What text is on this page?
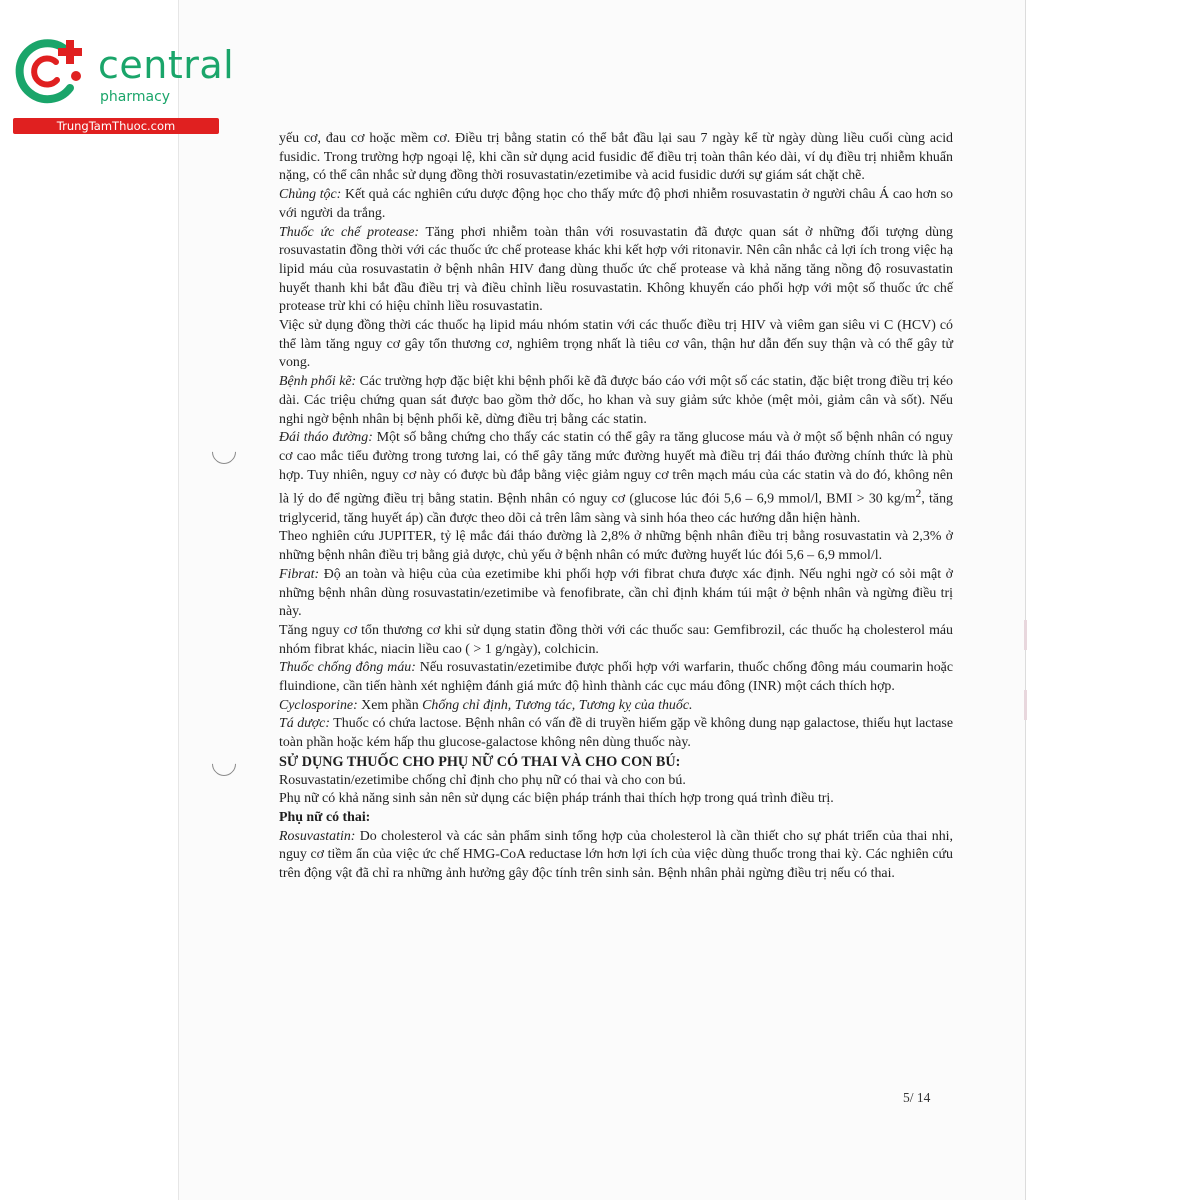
central
pharmacy
TrungTamThuoc.com

yếu cơ, đau cơ hoặc mềm cơ. Điều trị bằng statin có thể bắt đầu lại sau 7 ngày kể từ ngày dùng liều cuối cùng acid fusidic. Trong trường hợp ngoại lệ, khi cần sử dụng acid fusidic để điều trị toàn thân kéo dài, ví dụ điều trị nhiễm khuẩn nặng, có thể cân nhắc sử dụng đồng thời rosuvastatin/ezetimibe và acid fusidic dưới sự giám sát chặt chẽ.

Chủng tộc: Kết quả các nghiên cứu dược động học cho thấy mức độ phơi nhiễm rosuvastatin ở người châu Á cao hơn so với người da trắng.

Thuốc ức chế protease: Tăng phơi nhiễm toàn thân với rosuvastatin đã được quan sát ở những đối tượng dùng rosuvastatin đồng thời với các thuốc ức chế protease khác khi kết hợp với ritonavir. Nên cân nhắc cả lợi ích trong việc hạ lipid máu của rosuvastatin ở bệnh nhân HIV đang dùng thuốc ức chế protease và khả năng tăng nồng độ rosuvastatin huyết thanh khi bắt đầu điều trị và điều chỉnh liều rosuvastatin. Không khuyến cáo phối hợp với một số thuốc ức chế protease trừ khi có hiệu chỉnh liều rosuvastatin.

Việc sử dụng đồng thời các thuốc hạ lipid máu nhóm statin với các thuốc điều trị HIV và viêm gan siêu vi C (HCV) có thể làm tăng nguy cơ gây tổn thương cơ, nghiêm trọng nhất là tiêu cơ vân, thận hư dẫn đến suy thận và có thể gây tử vong.

Bệnh phổi kẽ: Các trường hợp đặc biệt khi bệnh phổi kẽ đã được báo cáo với một số các statin, đặc biệt trong điều trị kéo dài. Các triệu chứng quan sát được bao gồm thở dốc, ho khan và suy giảm sức khỏe (mệt mỏi, giảm cân và sốt). Nếu nghi ngờ bệnh nhân bị bệnh phổi kẽ, dừng điều trị bằng các statin.

Đái tháo đường: Một số bằng chứng cho thấy các statin có thể gây ra tăng glucose máu và ở một số bệnh nhân có nguy cơ cao mắc tiểu đường trong tương lai, có thể gây tăng mức đường huyết mà điều trị đái tháo đường chính thức là phù hợp. Tuy nhiên, nguy cơ này có được bù đắp bằng việc giảm nguy cơ trên mạch máu của các statin và do đó, không nên là lý do để ngừng điều trị bằng statin. Bệnh nhân có nguy cơ (glucose lúc đói 5,6 – 6,9 mmol/l, BMI > 30 $kg/m^2$, tăng triglycerid, tăng huyết áp) cần được theo dõi cả trên lâm sàng và sinh hóa theo các hướng dẫn hiện hành.

Theo nghiên cứu JUPITER, tỷ lệ mắc đái tháo đường là 2,8% ở những bệnh nhân điều trị bằng rosuvastatin và 2,3% ở những bệnh nhân điều trị bằng giả dược, chủ yếu ở bệnh nhân có mức đường huyết lúc đói 5,6 – 6,9 mmol/l.

Fibrat: Độ an toàn và hiệu của của ezetimibe khi phối hợp với fibrat chưa được xác định. Nếu nghi ngờ có sỏi mật ở những bệnh nhân dùng rosuvastatin/ezetimibe và fenofibrate, cần chỉ định khám túi mật ở bệnh nhân và ngừng điều trị này.

Tăng nguy cơ tổn thương cơ khi sử dụng statin đồng thời với các thuốc sau: Gemfibrozil, các thuốc hạ cholesterol máu nhóm fibrat khác, niacin liều cao ( > 1 g/ngày), colchicin.

Thuốc chống đông máu: Nếu rosuvastatin/ezetimibe được phối hợp với warfarin, thuốc chống đông máu coumarin hoặc fluindione, cần tiến hành xét nghiệm đánh giá mức độ hình thành các cục máu đông (INR) một cách thích hợp.

Cyclosporine: Xem phần Chống chỉ định, Tương tác, Tương kỵ của thuốc.

Tá dược: Thuốc có chứa lactose. Bệnh nhân có vấn đề di truyền hiếm gặp về không dung nạp galactose, thiếu hụt lactase toàn phần hoặc kém hấp thu glucose-galactose không nên dùng thuốc này.

SỬ DỤNG THUỐC CHO PHỤ NỮ CÓ THAI VÀ CHO CON BÚ:

Rosuvastatin/ezetimibe chống chỉ định cho phụ nữ có thai và cho con bú.

Phụ nữ có khả năng sinh sản nên sử dụng các biện pháp tránh thai thích hợp trong quá trình điều trị.

Phụ nữ có thai:

Rosuvastatin: Do cholesterol và các sản phẩm sinh tổng hợp của cholesterol là cần thiết cho sự phát triển của thai nhi, nguy cơ tiềm ẩn của việc ức chế HMG-CoA reductase lớn hơn lợi ích của việc dùng thuốc trong thai kỳ. Các nghiên cứu trên động vật đã chỉ ra những ảnh hưởng gây độc tính trên sinh sản. Bệnh nhân phải ngừng điều trị nếu có thai.

5/ 14
